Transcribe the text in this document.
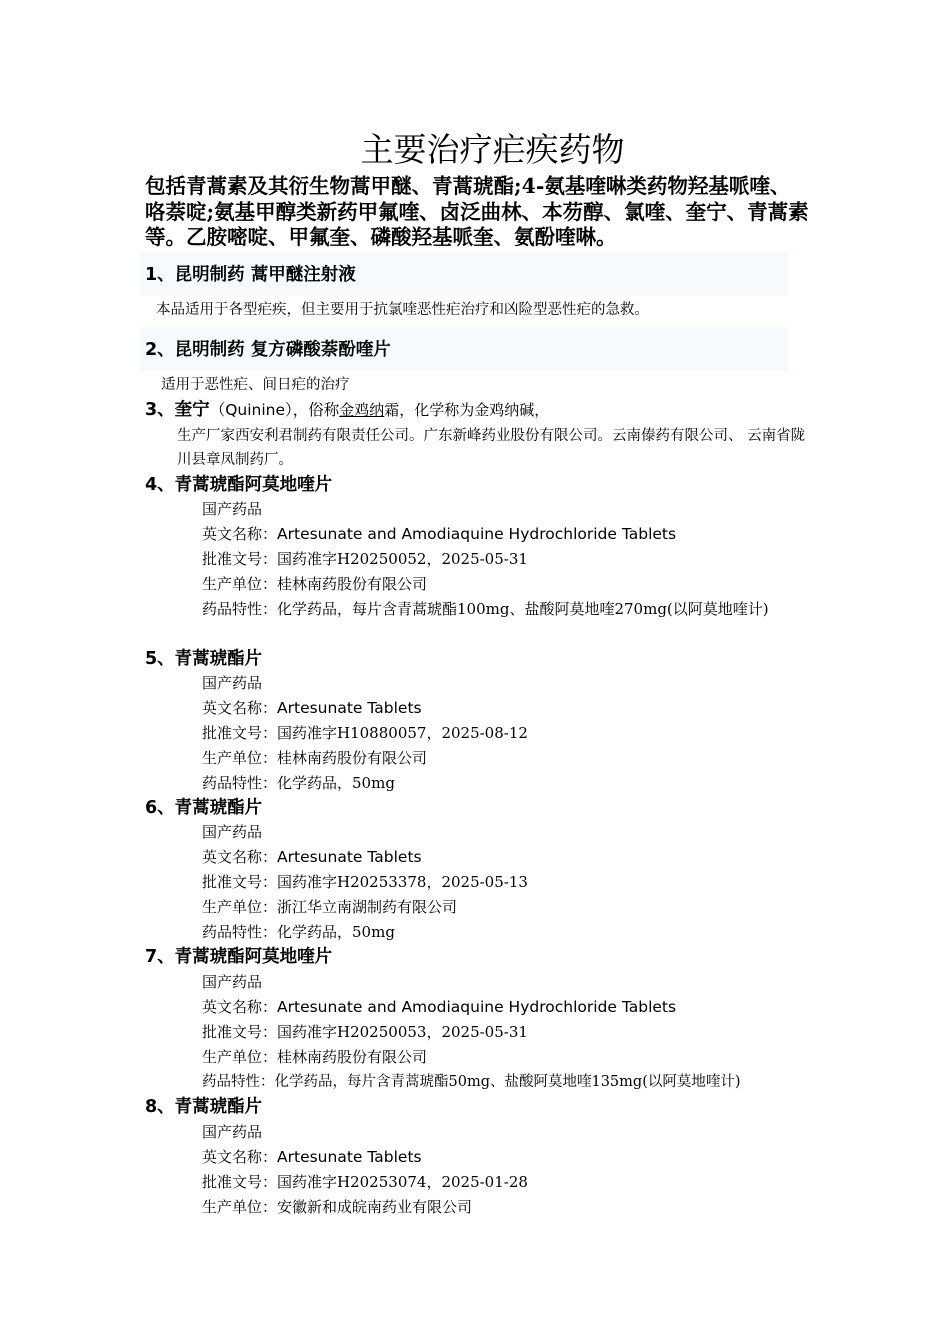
主要治疗疟疾药物
包括青蒿素及其衍生物蒿甲醚、青蒿琥酯;4-氨基喹啉类药物羟基哌喹、咯萘啶;氨基甲醇类新药甲氟喹、卤泛曲林、本芴醇、氯喹、奎宁、青蒿素等。乙胺嘧啶、甲氟奎、磷酸羟基哌奎、氨酚喹啉。
1、昆明制药 蒿甲醚注射液
本品适用于各型疟疾，但主要用于抗氯喹恶性疟治疗和凶险型恶性疟的急救。
2、昆明制药 复方磷酸萘酚喹片
适用于恶性疟、间日疟的治疗
3、奎宁（Quinine），俗称金鸡纳霜，化学称为金鸡纳碱，
生产厂家西安利君制药有限责任公司。广东新峰药业股份有限公司。云南傣药有限公司、 云南省陇川县章凤制药厂。
4、青蒿琥酯阿莫地喹片
国产药品
英文名称：Artesunate and Amodiaquine Hydrochloride Tablets
批准文号：国药准字H20250052，2025-05-31
生产单位：桂林南药股份有限公司
药品特性：化学药品，每片含青蒿琥酯100mg、盐酸阿莫地喹270mg(以阿莫地喹计)
5、青蒿琥酯片
国产药品
英文名称：Artesunate Tablets
批准文号：国药准字H10880057，2025-08-12
生产单位：桂林南药股份有限公司
药品特性：化学药品，50mg
6、青蒿琥酯片
国产药品
英文名称：Artesunate Tablets
批准文号：国药准字H20253378，2025-05-13
生产单位：浙江华立南湖制药有限公司
药品特性：化学药品，50mg
7、青蒿琥酯阿莫地喹片
国产药品
英文名称：Artesunate and Amodiaquine Hydrochloride Tablets
批准文号：国药准字H20250053，2025-05-31
生产单位：桂林南药股份有限公司
药品特性：化学药品，每片含青蒿琥酯50mg、盐酸阿莫地喹135mg(以阿莫地喹计)
8、青蒿琥酯片
国产药品
英文名称：Artesunate Tablets
批准文号：国药准字H20253074，2025-01-28
生产单位：安徽新和成皖南药业有限公司
